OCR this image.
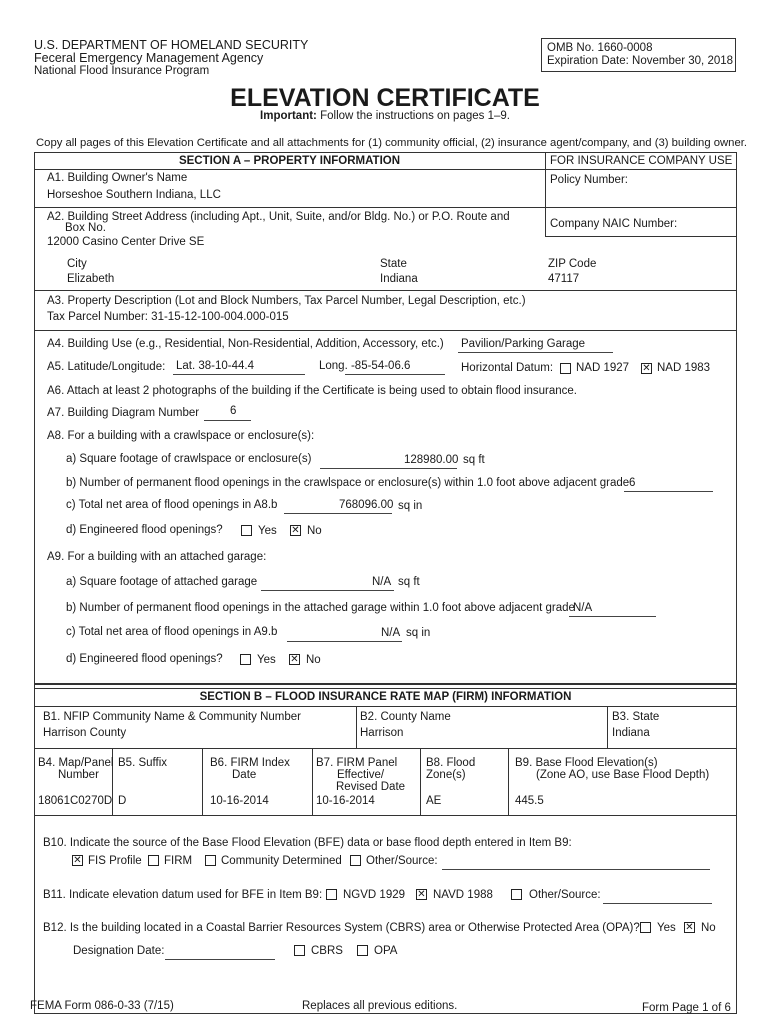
U.S. DEPARTMENT OF HOMELAND SECURITY
Feceral Emergency Management Agency
National Flood Insurance Program
OMB No. 1660-0008
Expiration Date: November 30, 2018
ELEVATION CERTIFICATE
Important: Follow the instructions on pages 1–9.
Copy all pages of this Elevation Certificate and all attachments for (1) community official, (2) insurance agent/company, and (3) building owner.
SECTION A – PROPERTY INFORMATION	FOR INSURANCE COMPANY USE
A1. Building Owner's Name
Horseshoe Southern Indiana, LLC
Policy Number:
A2. Building Street Address (including Apt., Unit, Suite, and/or Bldg. No.) or P.O. Route and
Box No.
12000 Casino Center Drive SE
Company NAIC Number:
City
Elizabeth
State
Indiana
ZIP Code
47117
A3. Property Description (Lot and Block Numbers, Tax Parcel Number, Legal Description, etc.)
Tax Parcel Number: 31-15-12-100-004.000-015
A4. Building Use (e.g., Residential, Non-Residential, Addition, Accessory, etc.) Pavilion/Parking Garage
A5. Latitude/Longitude: Lat. 38-10-44.4	Long. -85-54-06.6	Horizontal Datum: NAD 1927 ✕ NAD 1983
A6. Attach at least 2 photographs of the building if the Certificate is being used to obtain flood insurance.
A7. Building Diagram Number	6
A8. For a building with a crawlspace or enclosure(s):
a) Square footage of crawlspace or enclosure(s)	128980.00 sq ft
b) Number of permanent flood openings in the crawlspace or enclosure(s) within 1.0 foot above adjacent grade 6
c) Total net area of flood openings in A8.b	768096.00 sq in
d) Engineered flood openings?	Yes ✕ No
A9. For a building with an attached garage:
a) Square footage of attached garage	N/A sq ft
b) Number of permanent flood openings in the attached garage within 1.0 foot above adjacent grade
N/A
c) Total net area of flood openings in A9.b	N/A sq in
d) Engineered flood openings?	Yes ✕ No
SECTION B – FLOOD INSURANCE RATE MAP (FIRM) INFORMATION
B1. NFIP Community Name & Community Number
Harrison County
B2. County Name
Harrison
B3. State
Indiana
B4. Map/Panel
Number
18061C0270D
B5. Suffix
D
B6. FIRM Index
Date
10-16-2014
B7. FIRM Panel
Effective/
Revised Date
10-16-2014
B8. Flood
Zone(s)
AE
B9. Base Flood Elevation(s)
(Zone AO, use Base Flood Depth)
445.5
B10. Indicate the source of the Base Flood Elevation (BFE) data or base flood depth entered in Item B9:
✕ FIS Profile FIRM	Community Determined Other/Source:
B11. Indicate elevation datum used for BFE in Item B9: NGVD 1929 ✕ NAVD 1988	Other/Source:
B12. Is the building located in a Coastal Barrier Resources System (CBRS) area or Otherwise Protected Area (OPA)? Yes ✕ No
Designation Date:	CBRS	OPA
FEMA Form 086-0-33 (7/15)	Replaces all previous editions.	Form Page 1 of 6
